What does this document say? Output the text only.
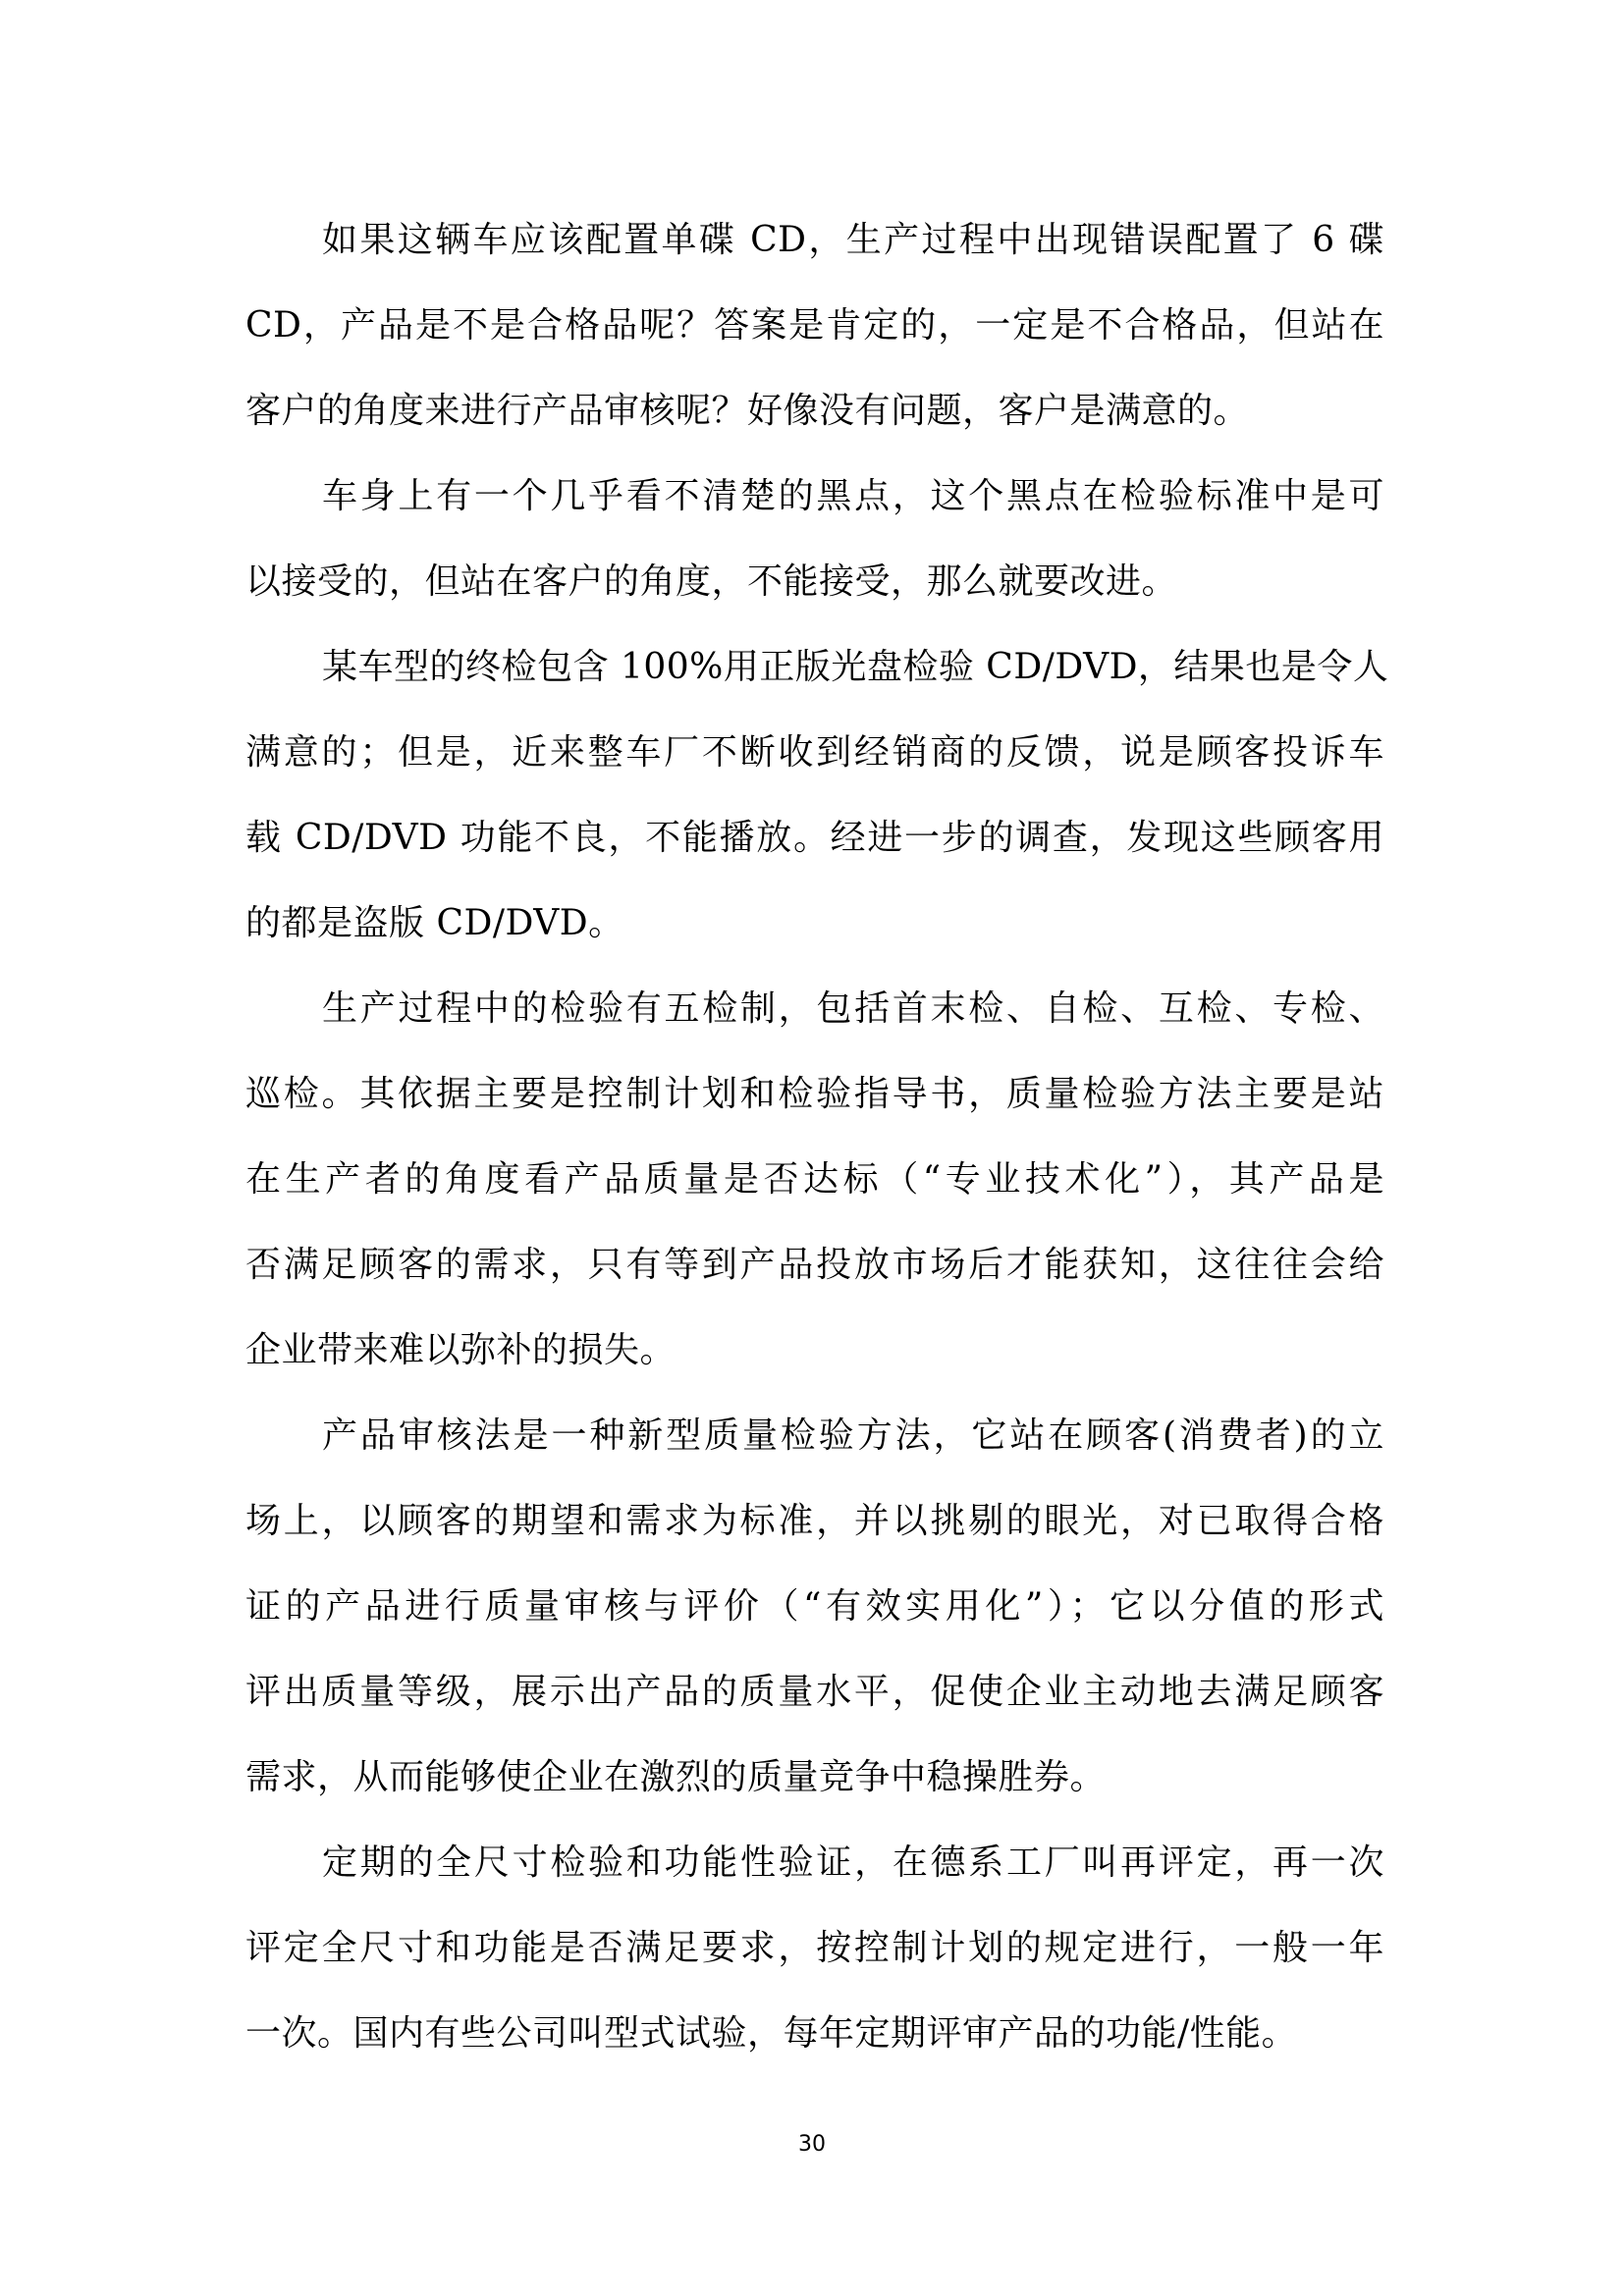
如果这辆车应该配置单碟 CD，生产过程中出现错误配置了 6 碟
CD，产品是不是合格品呢？答案是肯定的，一定是不合格品，但站在
客户的角度来进行产品审核呢？好像没有问题，客户是满意的。
车身上有一个几乎看不清楚的黑点，这个黑点在检验标准中是可
以接受的，但站在客户的角度，不能接受，那么就要改进。
某车型的终检包含 100%用正版光盘检验 CD/DVD，结果也是令人
满意的；但是，近来整车厂不断收到经销商的反馈，说是顾客投诉车
载 CD/DVD 功能不良，不能播放。经进一步的调查，发现这些顾客用
的都是盗版 CD/DVD。
生产过程中的检验有五检制，包括首末检、自检、互检、专检、
巡检。其依据主要是控制计划和检验指导书，质量检验方法主要是站
在生产者的角度看产品质量是否达标（“专业技术化”），其产品是
否满足顾客的需求，只有等到产品投放市场后才能获知，这往往会给
企业带来难以弥补的损失。
产品审核法是一种新型质量检验方法，它站在顾客(消费者)的立
场上，以顾客的期望和需求为标准，并以挑剔的眼光，对已取得合格
证的产品进行质量审核与评价（“有效实用化”）；它以分值的形式
评出质量等级，展示出产品的质量水平，促使企业主动地去满足顾客
需求，从而能够使企业在激烈的质量竞争中稳操胜券。
定期的全尺寸检验和功能性验证，在德系工厂叫再评定，再一次
评定全尺寸和功能是否满足要求，按控制计划的规定进行，一般一年
一次。国内有些公司叫型式试验，每年定期评审产品的功能/性能。
30
